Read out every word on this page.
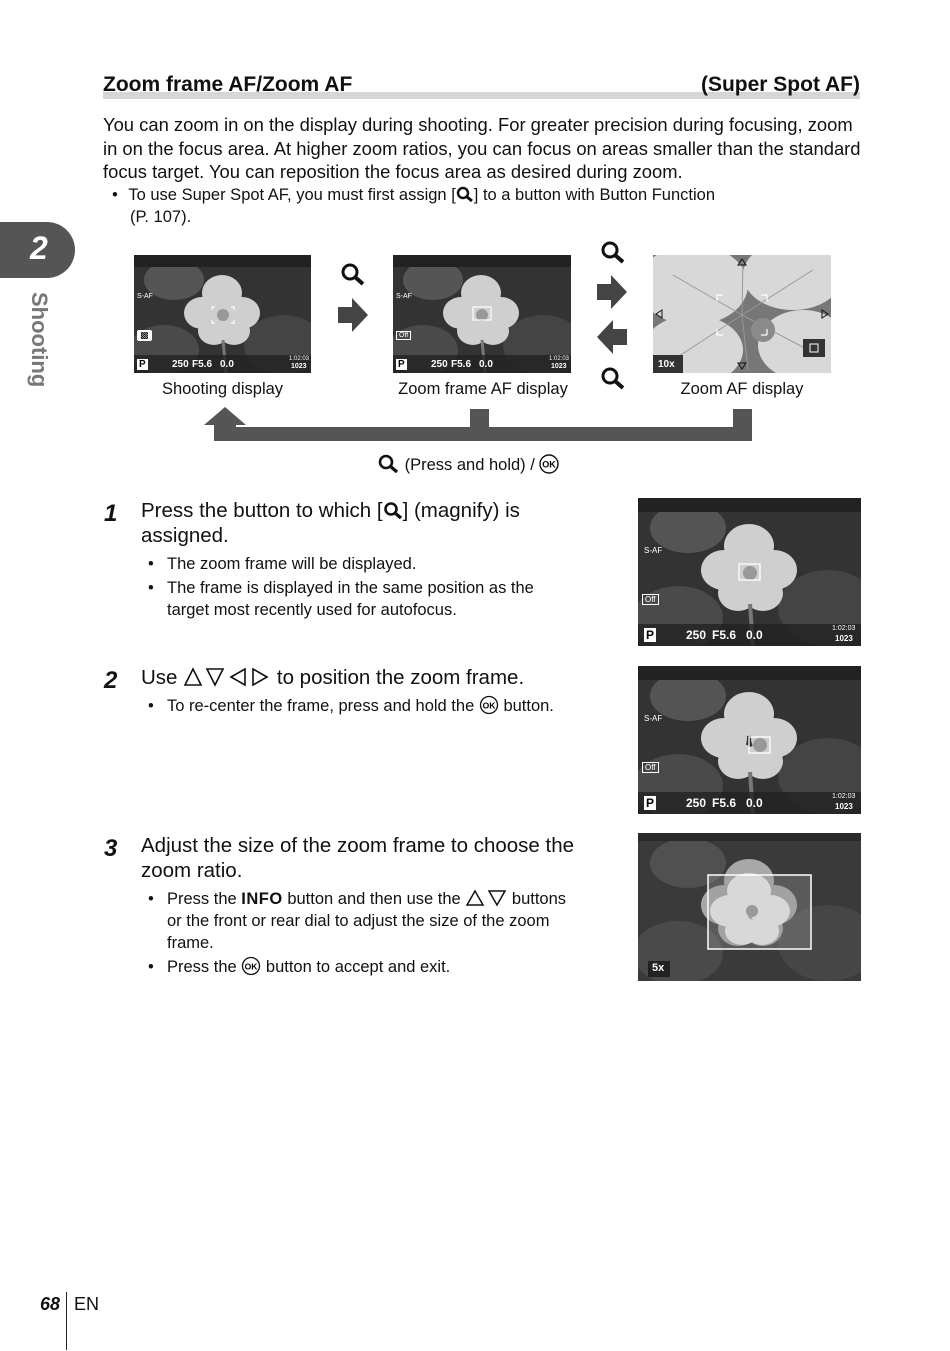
Zoom frame AF/Zoom AF	(Super Spot AF)
You can zoom in on the display during shooting. For greater precision during focusing, zoom in on the focus area. At higher zoom ratios, you can focus on areas smaller than the standard focus target. You can reposition the focus area as desired during zoom.
• To use Super Spot AF, you must first assign [ ] to a button with Button Function
(P. 107).
2
Shooting	▩
P	250 F5.6 0.0
S-AF
1:02:03
1023
Shooting display
Off
P	250 F5.6 0.0
S-AF
1:02:03
1023
Zoom frame AF display
10x
Zoom AF display
(Press and hold) / OK
1 Press the button to which [ ] (magnify) is
assigned.
• The zoom frame will be displayed.
• The frame is displayed in the same position as the
target most recently used for autofocus.
Off
S-AF
P	250 F5.6 0.0	1:02:03
1023
2 Use	to position the zoom frame.
• To re-center the frame, press and hold the OK button.
Off
S-AF
P	250 F5.6 0.0	1:02:03
1023
3 Adjust the size of the zoom frame to choose the
zoom ratio.
• Press the INFO button and then use the	buttons
or the front or rear dial to adjust the size of the zoom
frame.
• Press the OK button to accept and exit.	5x
68 EN
